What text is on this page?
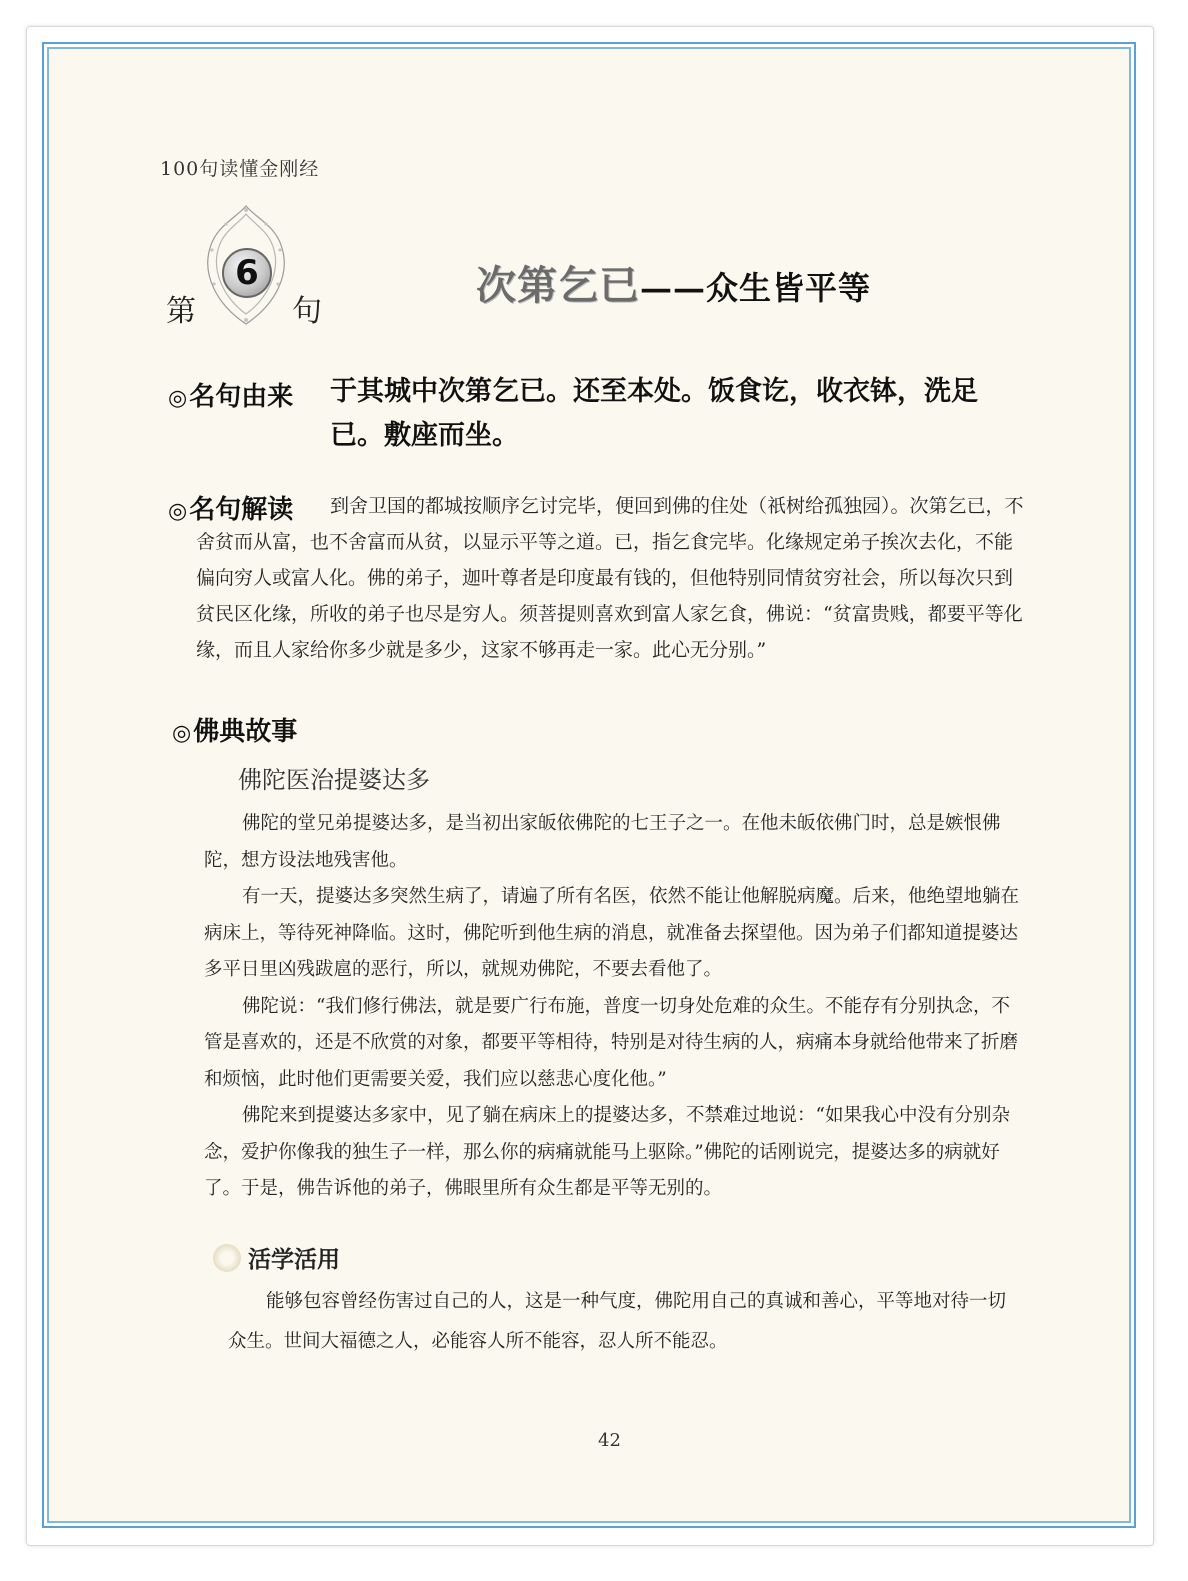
100句读懂金刚经
6
第	句
次第乞已——众生皆平等
◎名句由来 于其城中次第乞已。还至本处。饭食讫，收衣钵，洗足已。敷座而坐。
◎名句解读	到舍卫国的都城按顺序乞讨完毕，便回到佛的住处（祇树给孤独园）。次第乞已，不舍贫而从富，也不舍富而从贫，以显示平等之道。已，指乞食完毕。化缘规定弟子挨次去化，不能偏向穷人或富人化。佛的弟子，迦叶尊者是印度最有钱的，但他特别同情贫穷社会，所以每次只到贫民区化缘，所收的弟子也尽是穷人。须菩提则喜欢到富人家乞食，佛说：“贫富贵贱，都要平等化缘，而且人家给你多少就是多少，这家不够再走一家。此心无分别。”
◎佛典故事
佛陀医治提婆达多

佛陀的堂兄弟提婆达多，是当初出家皈依佛陀的七王子之一。在他未皈依佛门时，总是嫉恨佛陀，想方设法地残害他。

有一天，提婆达多突然生病了，请遍了所有名医，依然不能让他解脱病魔。后来，他绝望地躺在病床上，等待死神降临。这时，佛陀听到他生病的消息，就准备去探望他。因为弟子们都知道提婆达多平日里凶残跋扈的恶行，所以，就规劝佛陀，不要去看他了。

佛陀说：“我们修行佛法，就是要广行布施，普度一切身处危难的众生。不能存有分别执念，不管是喜欢的，还是不欣赏的对象，都要平等相待，特别是对待生病的人，病痛本身就给他带来了折磨和烦恼，此时他们更需要关爱，我们应以慈悲心度化他。”

佛陀来到提婆达多家中，见了躺在病床上的提婆达多，不禁难过地说：“如果我心中没有分别杂念，爱护你像我的独生子一样，那么你的病痛就能马上驱除。”佛陀的话刚说完，提婆达多的病就好了。于是，佛告诉他的弟子，佛眼里所有众生都是平等无别的。

活学活用
能够包容曾经伤害过自己的人，这是一种气度，佛陀用自己的真诚和善心，平等地对待一切众生。世间大福德之人，必能容人所不能容，忍人所不能忍。
42
